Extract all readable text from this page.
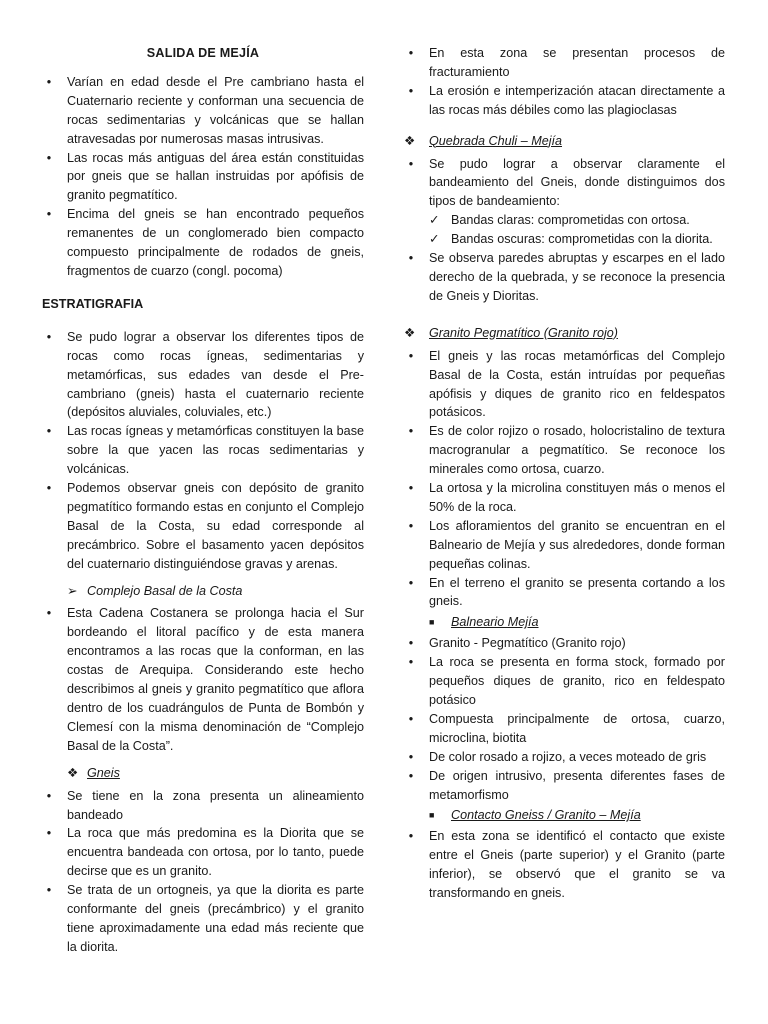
SALIDA DE MEJÍA
•	Varían en edad desde el Pre cambriano hasta el Cuaternario reciente y conforman una secuencia de rocas sedimentarias y volcánicas que se hallan atravesadas por numerosas masas intrusivas.
•	Las rocas más antiguas del área están constituidas por gneis que se hallan instruidas por apófisis de granito pegmatítico.
•	Encima del gneis se han encontrado pequeños remanentes de un conglomerado bien compacto compuesto principalmente de rodados de gneis, fragmentos de cuarzo (congl. pocoma)
ESTRATIGRAFIA
•	Se pudo lograr a observar los diferentes tipos de rocas como rocas ígneas, sedimentarias y metamórficas, sus edades van desde el Pre-cambriano (gneis) hasta el cuaternario reciente (depósitos aluviales, coluviales, etc.)
•	Las rocas ígneas y metamórficas constituyen la base sobre la que yacen las rocas sedimentarias y volcánicas.
•	Podemos observar gneis con depósito de granito pegmatítico formando estas en conjunto el Complejo Basal de la Costa, su edad corresponde al precámbrico. Sobre el basamento yacen depósitos del cuaternario distinguiéndose gravas y arenas.
➢ Complejo Basal de la Costa
•	Esta Cadena Costanera se prolonga hacia el Sur bordeando el litoral pacífico y de esta manera encontramos a las rocas que la conforman, en las costas de Arequipa. Considerando este hecho describimos al gneis y granito pegmatítico que aflora dentro de los cuadrángulos de Punta de Bombón y Clemesí con la misma denominación de “Complejo Basal de la Costa”.
❖ Gneis
•	Se tiene en la zona presenta un alineamiento bandeado
•	La roca que más predomina es la Diorita que se encuentra bandeada con ortosa, por lo tanto, puede decirse que es un granito.
•	Se trata de un ortogneis, ya que la diorita es parte conformante del gneis (precámbrico) y el granito tiene aproximadamente una edad más reciente que la diorita.
•	En esta zona se presentan procesos de fracturamiento
•	La erosión e intemperización atacan directamente a las rocas más débiles como las plagioclasas
❖ Quebrada Chuli – Mejía
•	Se pudo lograr a observar claramente el bandeamiento del Gneis, donde distinguimos dos tipos de bandeamiento:
✓ Bandas claras: comprometidas con ortosa.
✓ Bandas oscuras: comprometidas con la diorita.
•	Se observa paredes abruptas y escarpes en el lado derecho de la quebrada, y se reconoce la presencia de Gneis y Dioritas.
❖ Granito Pegmatítico (Granito rojo)
•	El gneis y las rocas metamórficas del Complejo Basal de la Costa, están intruídas por pequeñas apófisis y diques de granito rico en feldespatos potásicos.
•	Es de color rojizo o rosado, holocristalino de textura macrogranular a pegmatítico. Se reconoce los minerales como ortosa, cuarzo.
•	La ortosa y la microlina constituyen más o menos el 50% de la roca.
•	Los afloramientos del granito se encuentran en el Balneario de Mejía y sus alrededores, donde forman pequeñas colinas.
•	En el terreno el granito se presenta cortando a los gneis.
■ Balneario Mejía
•	Granito - Pegmatítico (Granito rojo)
•	La roca se presenta en forma stock, formado por pequeños diques de granito, rico en feldespato potásico
•	Compuesta principalmente de ortosa, cuarzo, microclina, biotita
•	De color rosado a rojizo, a veces moteado de gris
•	De origen intrusivo, presenta diferentes fases de metamorfismo
■ Contacto Gneiss / Granito – Mejía
•	En esta zona se identificó el contacto que existe entre el Gneis (parte superior) y el Granito (parte inferior), se observó que el granito se va transformando en gneis.
